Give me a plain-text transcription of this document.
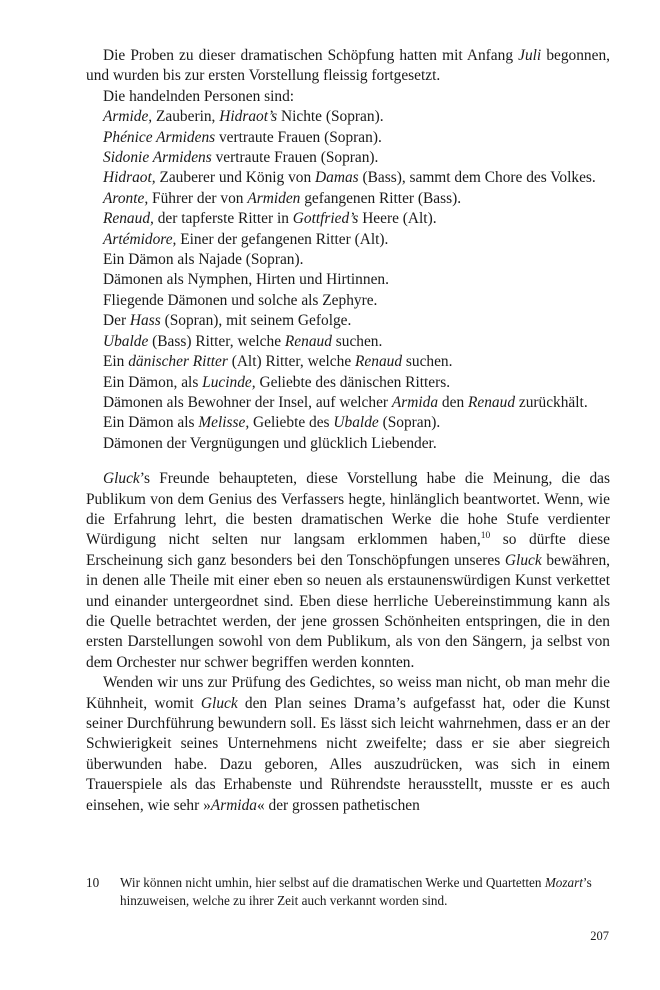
Die Proben zu dieser dramatischen Schöpfung hatten mit Anfang Juli begonnen, und wurden bis zur ersten Vorstellung fleissig fortgesetzt.

Die handelnden Personen sind:

Armide, Zauberin, Hidraot’s Nichte (Sopran).

Phénice Armidens vertraute Frauen (Sopran).

Sidonie Armidens vertraute Frauen (Sopran).

Hidraot, Zauberer und König von Damas (Bass), sammt dem Chore des Volkes.

Aronte, Führer der von Armiden gefangenen Ritter (Bass).

Renaud, der tapferste Ritter in Gottfried’s Heere (Alt).

Artémidore, Einer der gefangenen Ritter (Alt).

Ein Dämon als Najade (Sopran).

Dämonen als Nymphen, Hirten und Hirtinnen.

Fliegende Dämonen und solche als Zephyre.

Der Hass (Sopran), mit seinem Gefolge.

Ubalde (Bass) Ritter, welche Renaud suchen.

Ein dänischer Ritter (Alt) Ritter, welche Renaud suchen.

Ein Dämon, als Lucinde, Geliebte des dänischen Ritters.

Dämonen als Bewohner der Insel, auf welcher Armida den Renaud zurückhält.

Ein Dämon als Melisse, Geliebte des Ubalde (Sopran).

Dämonen der Vergnügungen und glücklich Liebender.

Gluck’s Freunde behaupteten, diese Vorstellung habe die Meinung, die das Publikum von dem Genius des Verfassers hegte, hinlänglich beantwortet. Wenn, wie die Erfahrung lehrt, die besten dramatischen Werke die hohe Stufe verdienter Würdigung nicht selten nur langsam erklommen haben,$^{10}$ so dürfte diese Erscheinung sich ganz besonders bei den Tonschöpfungen unseres Gluck bewähren, in denen alle Theile mit einer eben so neuen als erstaunenswürdigen Kunst verkettet und einander untergeordnet sind. Eben diese herrliche Uebereinstimmung kann als die Quelle betrachtet werden, der jene grossen Schönheiten entspringen, die in den ersten Darstellungen sowohl von dem Publikum, als von den Sängern, ja selbst von dem Orchester nur schwer begriffen werden konnten.

Wenden wir uns zur Prüfung des Gedichtes, so weiss man nicht, ob man mehr die Kühnheit, womit Gluck den Plan seines Drama’s aufgefasst hat, oder die Kunst seiner Durchführung bewundern soll. Es lässt sich leicht wahrnehmen, dass er an der Schwierigkeit seines Unternehmens nicht zweifelte; dass er sie aber siegreich überwunden habe. Dazu geboren, Alles auszudrücken, was sich in einem Trauerspiele als das Erhabenste und Rührendste herausstellt, musste er es auch einsehen, wie sehr »Armida« der grossen pathetischen

10	Wir können nicht umhin, hier selbst auf die dramatischen Werke und Quartetten Mozart’s hinzuweisen, welche zu ihrer Zeit auch verkannt worden sind.
207
